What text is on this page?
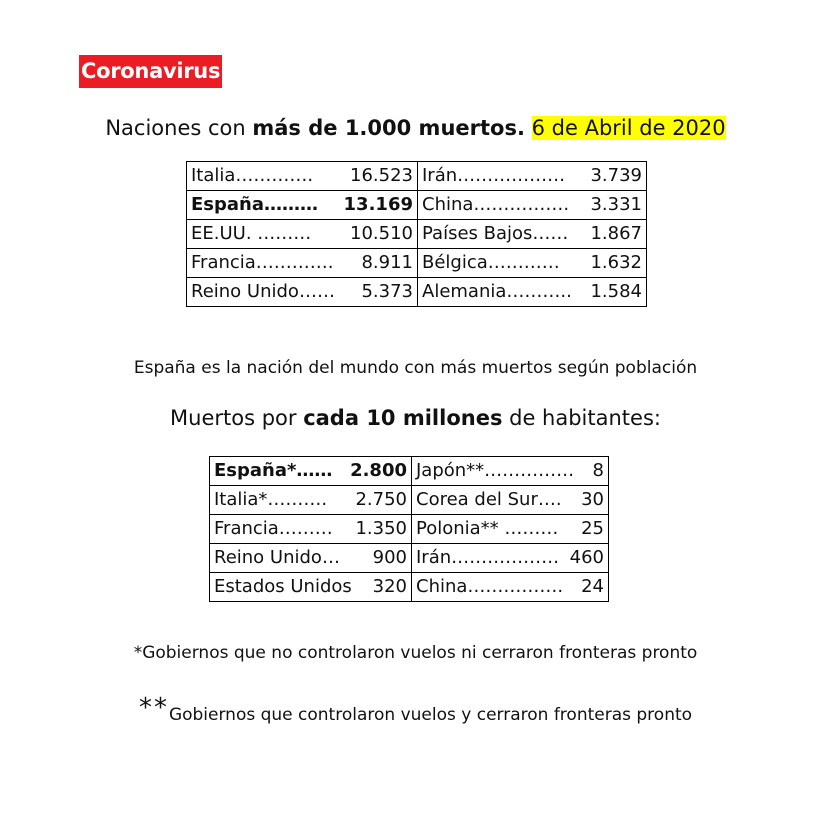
Coronavirus
Naciones con más de 1.000 muertos. 6 de Abril de 2020
Italia…………. 16.523	Irán……………… 3.739

España……… 13.169	China……………. 3.331

EE.UU. ……… 10.510	Países Bajos…… 1.867

Francia…………. 8.911	Bélgica………… 1.632

Reino Unido…… 5.373	Alemania……….. 1.584
España es la nación del mundo con más muertos según población
Muertos por cada 10 millones de habitantes:
España*…… 2.800	Japón**…………… 8

Italia*………. 2.750	Corea del Sur…. 30

Francia……… 1.350	Polonia** ……… 25

Reino Unido… 900	Irán……………… 460

Estados Unidos 320	China……………. 24
*Gobiernos que no controlaron vuelos ni cerraron fronteras pronto
**Gobiernos que controlaron vuelos y cerraron fronteras pronto
